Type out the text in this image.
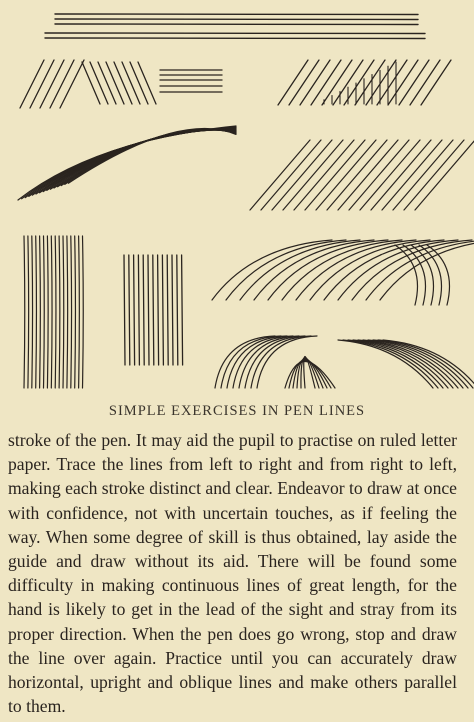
SIMPLE EXERCISES IN PEN LINES

stroke of the pen. It may aid the pupil to practise on ruled letter paper. Trace the lines from left to right and from right to left, making each stroke distinct and clear. Endeavor to draw at once with confidence, not with uncertain touches, as if feeling the way. When some degree of skill is thus obtained, lay aside the guide and draw without its aid. There will be found some difficulty in making continuous lines of great length, for the hand is likely to get in the lead of the sight and stray from its proper direction. When the pen does go wrong, stop and draw the line over again. Practice until you can accurately draw horizontal, upright and oblique lines and make others parallel to them.
